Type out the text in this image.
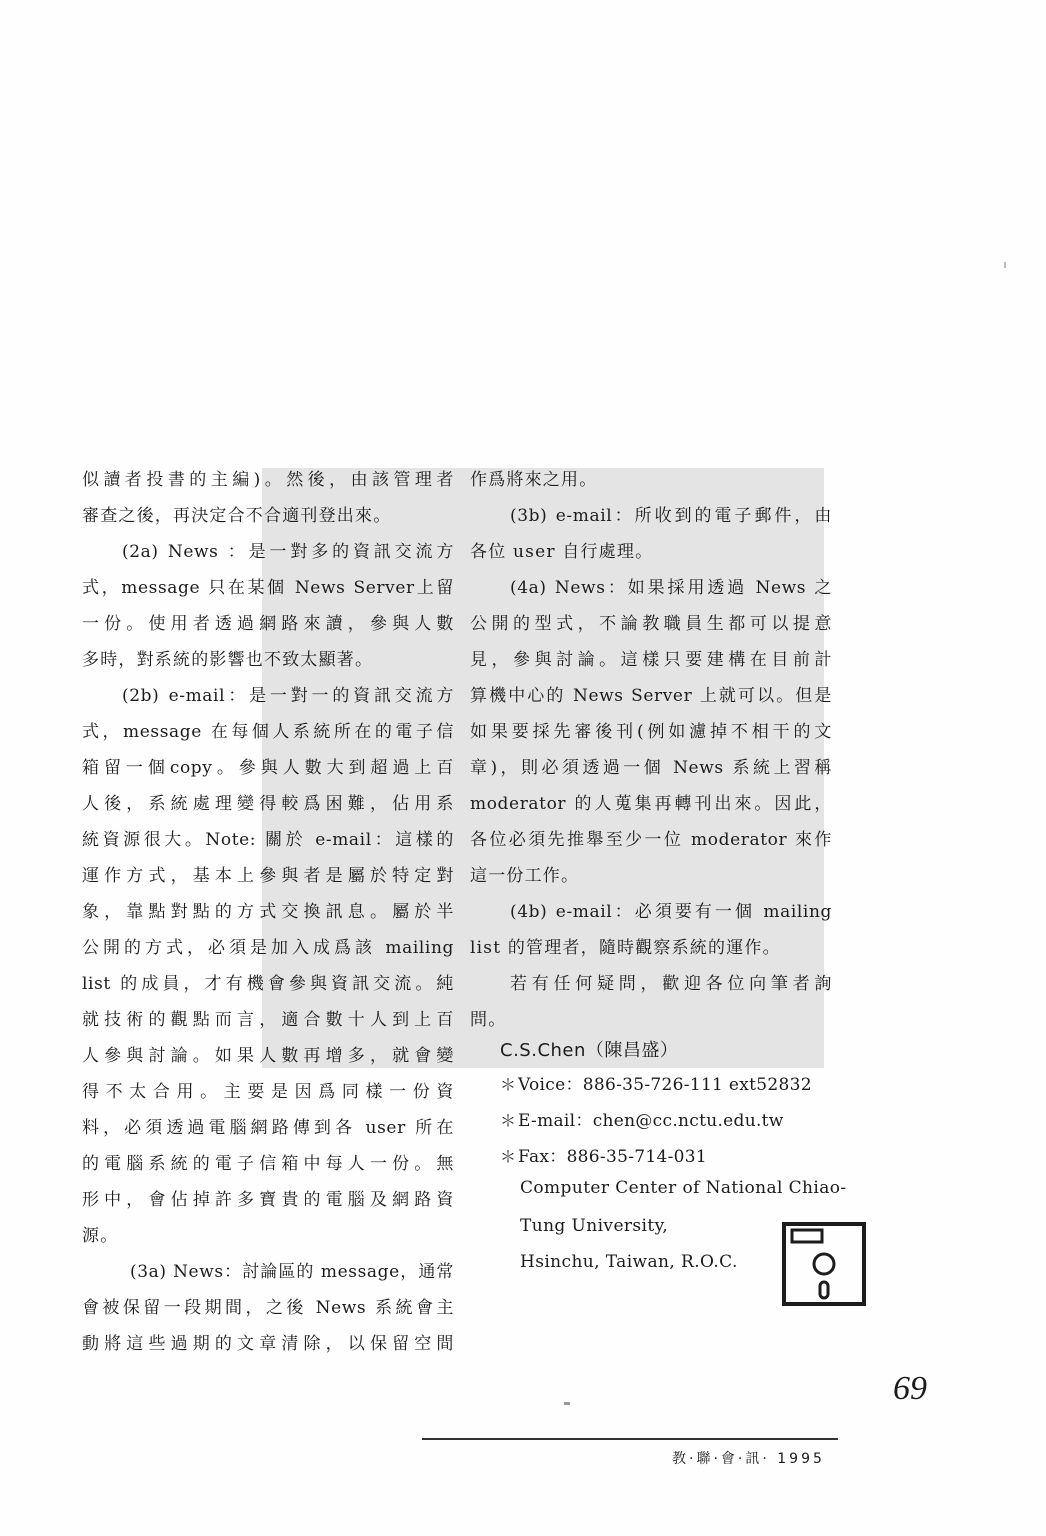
似讀者投書的主編)。然後，由該管理者
審查之後，再決定合不合適刊登出來。
(2a) News ：是一對多的資訊交流方
式，message 只在某個 News Server上留
一份。使用者透過網路來讀，參與人數
多時，對系統的影響也不致太顯著。
(2b) e-mail：是一對一的資訊交流方
式，message 在每個人系統所在的電子信
箱留一個copy。參與人數大到超過上百
人後，系統處理變得較爲困難，佔用系
統資源很大。Note: 關於 e-mail：這樣的
運作方式，基本上參與者是屬於特定對
象，靠點對點的方式交換訊息。屬於半
公開的方式，必須是加入成爲該 mailing
list 的成員，才有機會參與資訊交流。純
就技術的觀點而言，適合數十人到上百
人參與討論。如果人數再增多，就會變
得不太合用。主要是因爲同樣一份資
料，必須透過電腦網路傳到各 user 所在
的電腦系統的電子信箱中每人一份。無
形中，會佔掉許多寶貴的電腦及網路資
源。
(3a) News：討論區的 message，通常
會被保留一段期間，之後 News 系統會主
動將這些過期的文章清除，以保留空間
作爲將來之用。
(3b) e-mail：所收到的電子郵件，由
各位 user 自行處理。
(4a) News：如果採用透過 News 之
公開的型式，不論教職員生都可以提意
見，參與討論。這樣只要建構在目前計
算機中心的 News Server 上就可以。但是
如果要採先審後刊(例如濾掉不相干的文
章)，則必須透過一個 News 系統上習稱
moderator 的人蒐集再轉刊出來。因此，
各位必須先推舉至少一位 moderator 來作
這一份工作。
(4b) e-mail：必須要有一個 mailing
list 的管理者，隨時觀察系統的運作。
若有任何疑問，歡迎各位向筆者詢
問。
C.S.Chen（陳昌盛）
＊Voice：886-35-726-111 ext52832
＊E-mail：chen@cc.nctu.edu.tw
＊Fax：886-35-714-031
Computer Center of National Chiao-
Tung University,
Hsinchu, Taiwan, R.O.C.
69
教·聯·會·訊· 1995
